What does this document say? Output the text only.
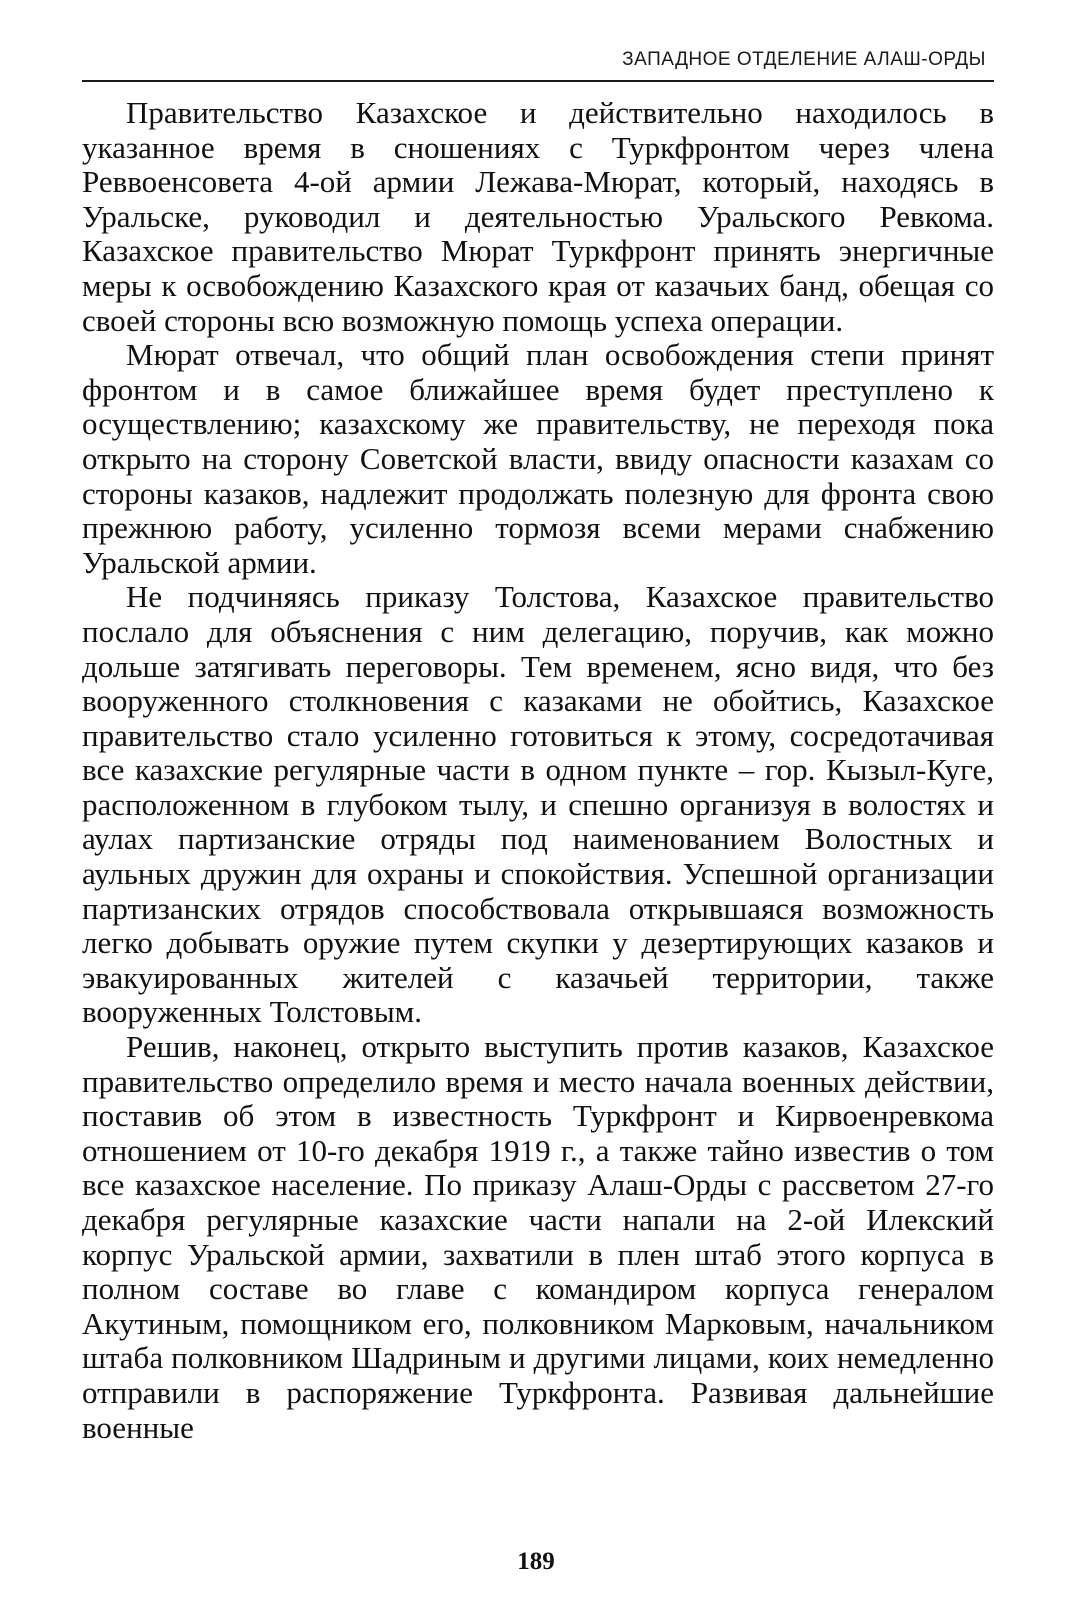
ЗАПАДНОЕ ОТДЕЛЕНИЕ АЛАШ-ОРДЫ

Правительство Казахское и действительно находилось в указанное время в сношениях с Туркфронтом через члена Реввоенсовета 4-ой армии Лежава-Мюрат, который, находясь в Уральске, руководил и деятельностью Уральского Ревкома. Казахское правительство Мюрат Туркфронт принять энергичные меры к освобождению Казахского края от казачьих банд, обещая со своей стороны всю возможную помощь успеха операции.

Мюрат отвечал, что общий план освобождения степи принят фронтом и в самое ближайшее время будет преступлено к осуществлению; казахскому же правительству, не переходя пока открыто на сторону Советской власти, ввиду опасности казахам со стороны казаков, надлежит продолжать полезную для фронта свою прежнюю работу, усиленно тормозя всеми мерами снабжению Уральской армии.

Не подчиняясь приказу Толстова, Казахское правительство послало для объяснения с ним делегацию, поручив, как можно дольше затягивать переговоры. Тем временем, ясно видя, что без вооруженного столкновения с казаками не обойтись, Казахское правительство стало усиленно готовиться к этому, сосредотачивая все казахские регулярные части в одном пункте – гор. Кызыл-Куге, расположенном в глубоком тылу, и спешно организуя в волостях и аулах партизанские отряды под наименованием Волостных и аульных дружин для охраны и спокойствия. Успешной организации партизанских отрядов способствовала открывшаяся возможность легко добывать оружие путем скупки у дезертирующих казаков и эвакуированных жителей с казачьей территории, также вооруженных Толстовым.

Решив, наконец, открыто выступить против казаков, Казахское правительство определило время и место начала военных действии, поставив об этом в известность Туркфронт и Кирвоенревкома отношением от 10-го декабря 1919 г., а также тайно известив о том все казахское население. По приказу Алаш-Орды с рассветом 27-го декабря регулярные казахские части напали на 2-ой Илекский корпус Уральской армии, захватили в плен штаб этого корпуса в полном составе во главе с командиром корпуса генералом Акутиным, помощником его, полковником Марковым, начальником штаба полковником Шадриным и другими лицами, коих немедленно отправили в распоряжение Туркфронта. Развивая дальнейшие военные

189
